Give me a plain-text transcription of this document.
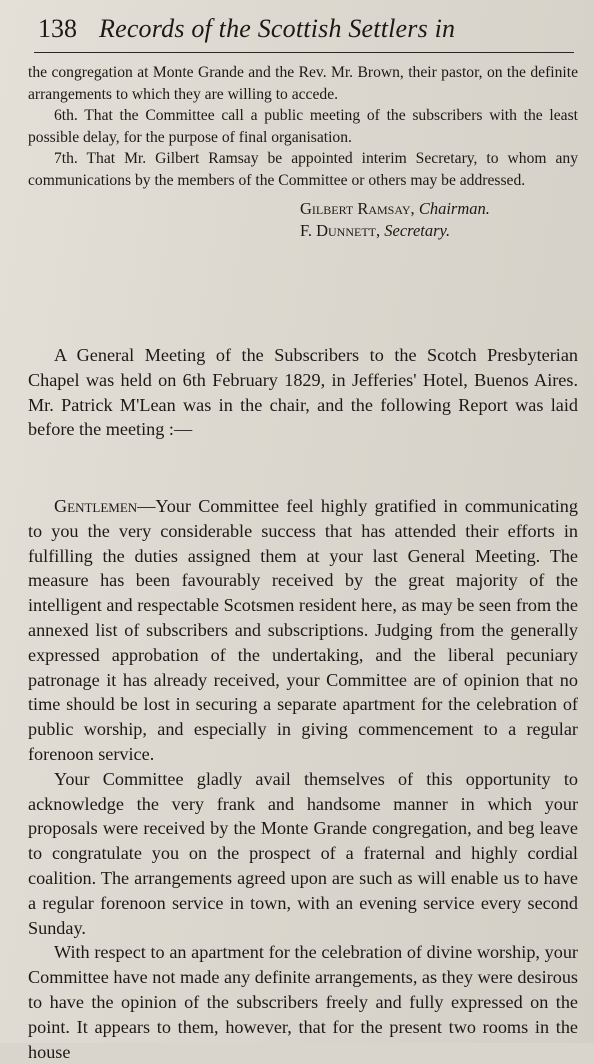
138 Records of the Scottish Settlers in

the congregation at Monte Grande and the Rev. Mr. Brown, their pastor, on the definite arrangements to which they are willing to accede.

6th. That the Committee call a public meeting of the subscribers with the least possible delay, for the purpose of final organisation.

7th. That Mr. Gilbert Ramsay be appointed interim Secretary, to whom any communications by the members of the Committee or others may be addressed.

Gilbert Ramsay, Chairman.
F. Dunnett, Secretary.

A General Meeting of the Subscribers to the Scotch Presbyterian Chapel was held on 6th February 1829, in Jefferies' Hotel, Buenos Aires. Mr. Patrick M'Lean was in the chair, and the following Report was laid before the meeting :—

Gentlemen—Your Committee feel highly gratified in communicating to you the very considerable success that has attended their efforts in fulfilling the duties assigned them at your last General Meeting. The measure has been favourably received by the great majority of the intelligent and respectable Scotsmen resident here, as may be seen from the annexed list of subscribers and subscriptions. Judging from the generally expressed approbation of the undertaking, and the liberal pecuniary patronage it has already received, your Committee are of opinion that no time should be lost in securing a separate apartment for the celebration of public worship, and especially in giving commencement to a regular forenoon service.

Your Committee gladly avail themselves of this opportunity to acknowledge the very frank and handsome manner in which your proposals were received by the Monte Grande congregation, and beg leave to congratulate you on the prospect of a fraternal and highly cordial coalition. The arrangements agreed upon are such as will enable us to have a regular forenoon service in town, with an evening service every second Sunday.

With respect to an apartment for the celebration of divine worship, your Committee have not made any definite arrangements, as they were desirous to have the opinion of the subscribers freely and fully expressed on the point. It appears to them, however, that for the present two rooms in the house
